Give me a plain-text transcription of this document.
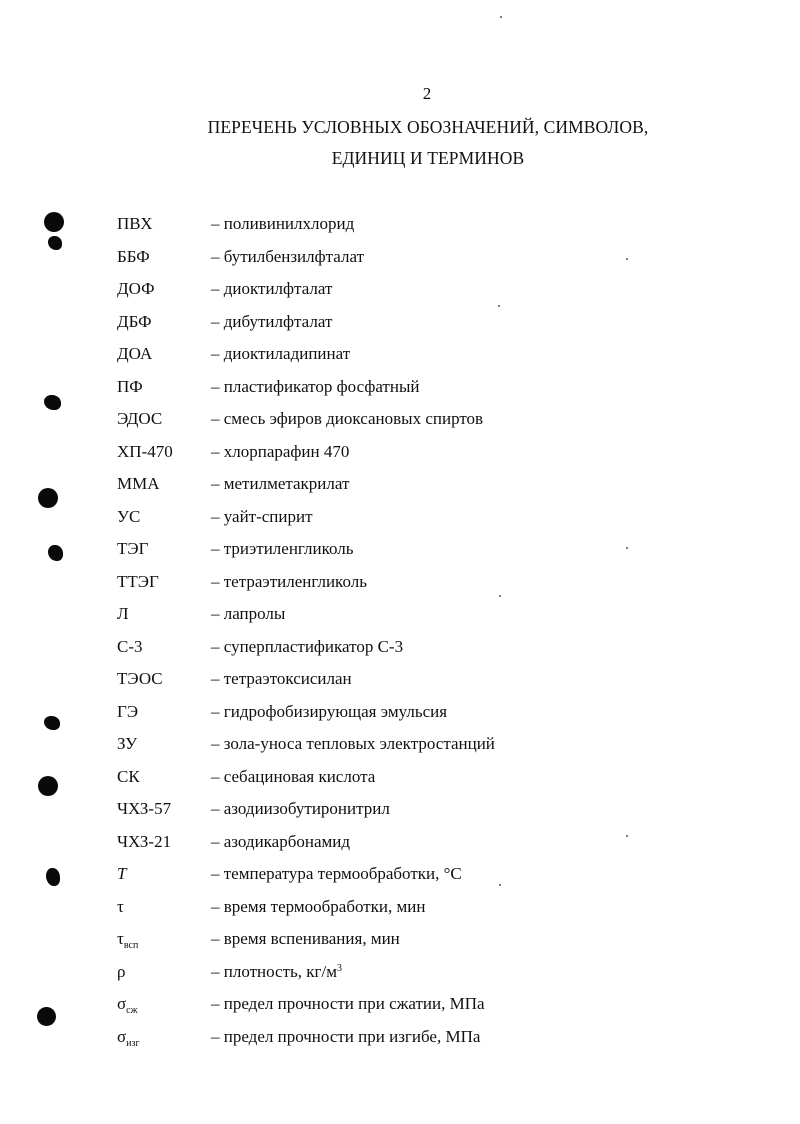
2
ПЕРЕЧЕНЬ УСЛОВНЫХ ОБОЗНАЧЕНИЙ, СИМВОЛОВ,
ЕДИНИЦ И ТЕРМИНОВ
ПВХ	– поливинилхлорид
ББФ	– бутилбензилфталат
ДОФ	– диоктилфталат
ДБФ	– дибутилфталат
ДОА	– диоктиладипинат
ПФ	– пластификатор фосфатный
ЭДОС	– смесь эфиров диоксановых спиртов
ХП-470 – хлорпарафин 470
ММА	– метилметакрилат
УС	– уайт-спирит
ТЭГ	– триэтиленгликоль
ТТЭГ	– тетраэтиленгликоль
Л	– лапролы
С-3	– суперпластификатор С-3
ТЭОС	– тетраэтоксисилан
ГЭ	– гидрофобизирующая эмульсия
ЗУ	– зола-уноса тепловых электростанций
СК	– себациновая кислота
ЧХЗ-57 – азодиизобутиронитрил
ЧХЗ-21 – азодикарбонамид
T	– температура термообработки, °С
τ	– время термообработки, мин
$\tau_{всп}$	– время вспенивания, мин
ρ	– плотность, $кг/м^3$
$\sigma_{сж}$	– предел прочности при сжатии, МПа
$\sigma_{изг}$	– предел прочности при изгибе, МПа
